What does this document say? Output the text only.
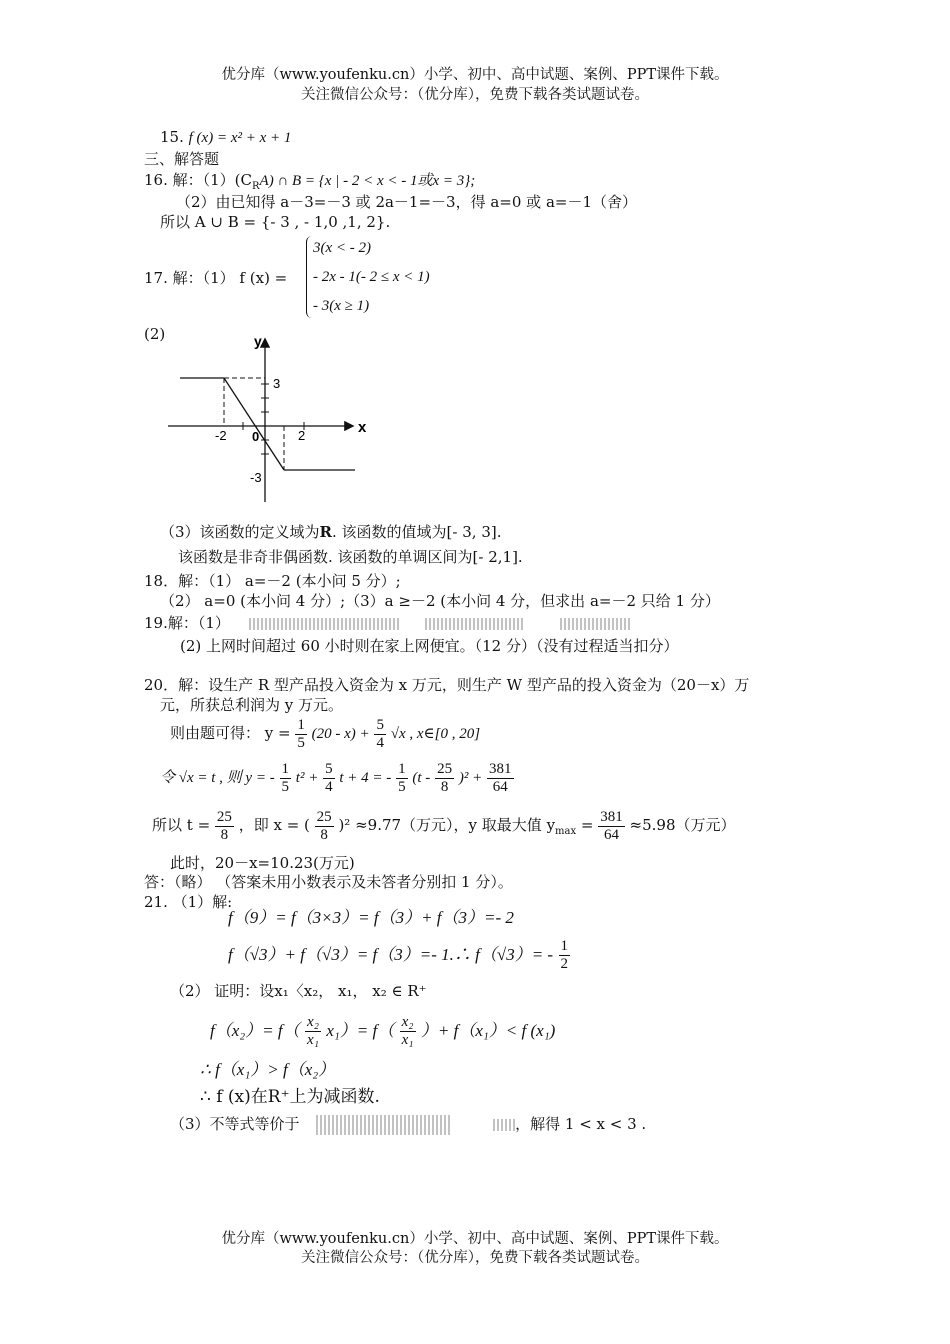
优分库（www.youfenku.cn）小学、初中、高中试题、案例、PPT课件下载。
关注微信公众号：（优分库），免费下载各类试题试卷。
15. f (x) = x² + x + 1
三、解答题
16. 解：$(1)(C_RA)$ ∩ B = {x | - 2 < x < - 1或x = 3};
（2）由已知得 a－3=－3 或 2a－1=－3，得 a=0 或 a=－1（舍）
所以 A ∪ B = {- 3 , - 1,0 ,1, 2}.
17. 解：（1） f (x) =
3(x < - 2)
- 2x - 1(- 2 ≤ x < 1)
- 3(x ≥ 1)
(2)	y
x
3
-2 0	2
-3
（3）该函数的定义域为R. 该函数的值域为[- 3, 3].
该函数是非奇非偶函数. 该函数的单调区间为[- 2,1].
18．解：（1） a=－2 (本小问 5 分）;
（2） a=0 (本小问 4 分）;（3）a ≥－2 (本小问 4 分，但求出 a=－2 只给 1 分）
19.解：（1）
(2) 上网时间超过 60 小时则在家上网便宜。（12 分）（没有过程适当扣分）
20．解：设生产 R 型产品投入资金为 x 万元，则生产 W 型产品的投入资金为（20－x）万
元，所获总利润为 y 万元。
则由题可得： $y = \frac{1}{5} (20 - x) + \frac{5}{4} √x$ , x∈[0 , 20]
令 √x = t , 则 y = - $\frac{1}{5} t^2 + \frac{5}{4}$ t + 4 = - $\frac{1}{5} (t - \frac{25}{8} )^2 + \frac{381}{64}$
所以 $t = \frac{25}{8}$ ，即 x = ( $\frac{25}{8} )^2 \approx 9.77$（万元），y 取最大值 $y_{max} = \frac{381}{64} \approx 5.98$（万元）
此时，20－x=10.23(万元)
答：（略） （答案未用小数表示及未答者分别扣 1 分）。
21. （1）解:
f（9）= f（3×3）= f（3）+ f（3）=- 2
f（√3）+ f（√3）= f（3）=- 1.∴ $f(√3)= - \frac{1}{2}$
（2） 证明：设x₁〈x₂， x₁， x₂ ∈ R⁺
$f(x_2)= f( \frac{\text{x₂}}{\text{x₁}} x_1)= f( \frac{\text{x₂}}{\text{x₁}}$ ）+ f（x₁）< f (x₁)
∴ f（x₁）> f（x₂）
∴ f (x)在R⁺上为减函数.
（3）不等式等价于	，解得 1 < x < 3 .
优分库（www.youfenku.cn）小学、初中、高中试题、案例、PPT课件下载。
关注微信公众号：（优分库），免费下载各类试题试卷。
